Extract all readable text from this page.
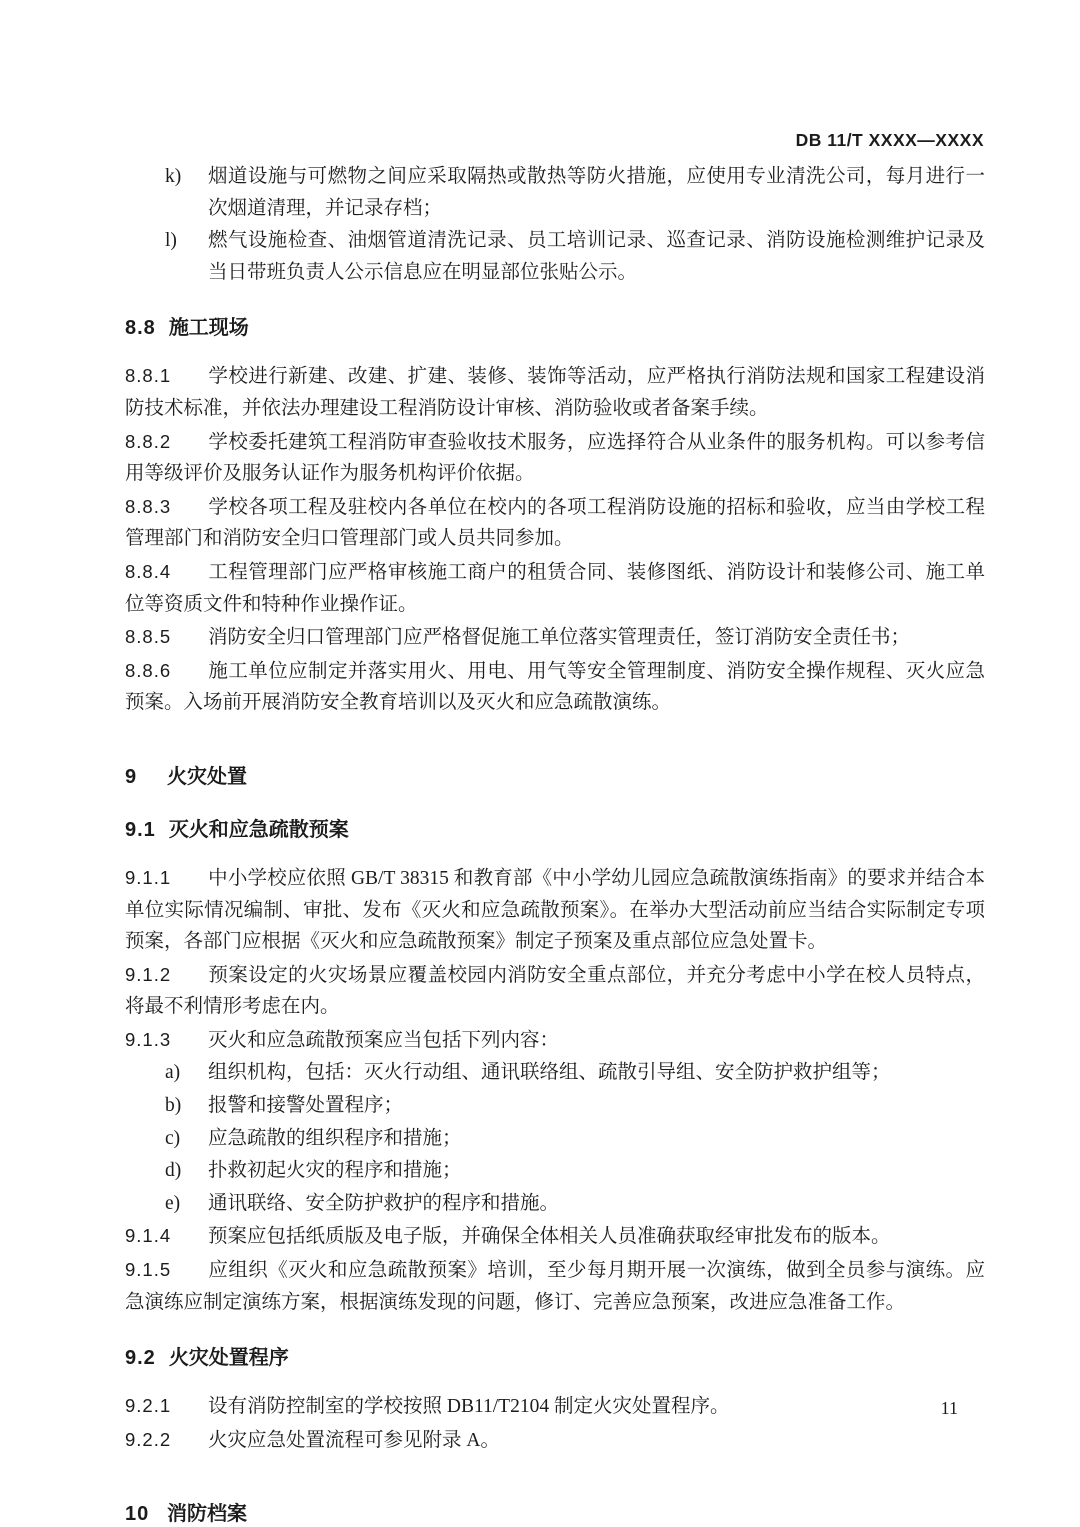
DB 11/T XXXX—XXXX
k) 烟道设施与可燃物之间应采取隔热或散热等防火措施，应使用专业清洗公司，每月进行一次烟道清理，并记录存档；
l) 燃气设施检查、油烟管道清洗记录、员工培训记录、巡查记录、消防设施检测维护记录及当日带班负责人公示信息应在明显部位张贴公示。
8.8 施工现场

8.8.1 学校进行新建、改建、扩建、装修、装饰等活动，应严格执行消防法规和国家工程建设消防技术标准，并依法办理建设工程消防设计审核、消防验收或者备案手续。

8.8.2 学校委托建筑工程消防审查验收技术服务，应选择符合从业条件的服务机构。可以参考信用等级评价及服务认证作为服务机构评价依据。

8.8.3 学校各项工程及驻校内各单位在校内的各项工程消防设施的招标和验收，应当由学校工程管理部门和消防安全归口管理部门或人员共同参加。

8.8.4 工程管理部门应严格审核施工商户的租赁合同、装修图纸、消防设计和装修公司、施工单位等资质文件和特种作业操作证。

8.8.5 消防安全归口管理部门应严格督促施工单位落实管理责任，签订消防安全责任书；

8.8.6 施工单位应制定并落实用火、用电、用气等安全管理制度、消防安全操作规程、灭火应急预案。入场前开展消防安全教育培训以及灭火和应急疏散演练。

9 火灾处置
9.1 灭火和应急疏散预案

9.1.1 中小学校应依照 GB/T 38315 和教育部《中小学幼儿园应急疏散演练指南》的要求并结合本单位实际情况编制、审批、发布《灭火和应急疏散预案》。在举办大型活动前应当结合实际制定专项预案，各部门应根据《灭火和应急疏散预案》制定子预案及重点部位应急处置卡。

9.1.2 预案设定的火灾场景应覆盖校园内消防安全重点部位，并充分考虑中小学在校人员特点，将最不利情形考虑在内。

9.1.3 灭火和应急疏散预案应当包括下列内容：

a) 组织机构，包括：灭火行动组、通讯联络组、疏散引导组、安全防护救护组等；
b) 报警和接警处置程序；
c) 应急疏散的组织程序和措施；
d) 扑救初起火灾的程序和措施；
e) 通讯联络、安全防护救护的程序和措施。

9.1.4 预案应包括纸质版及电子版，并确保全体相关人员准确获取经审批发布的版本。

9.1.5 应组织《灭火和应急疏散预案》培训，至少每月期开展一次演练，做到全员参与演练。应急演练应制定演练方案，根据演练发现的问题，修订、完善应急预案，改进应急准备工作。

9.2 火灾处置程序

9.2.1 设有消防控制室的学校按照 DB11/T2104 制定火灾处置程序。

9.2.2 火灾应急处置流程可参见附录 A。

10 消防档案
11
